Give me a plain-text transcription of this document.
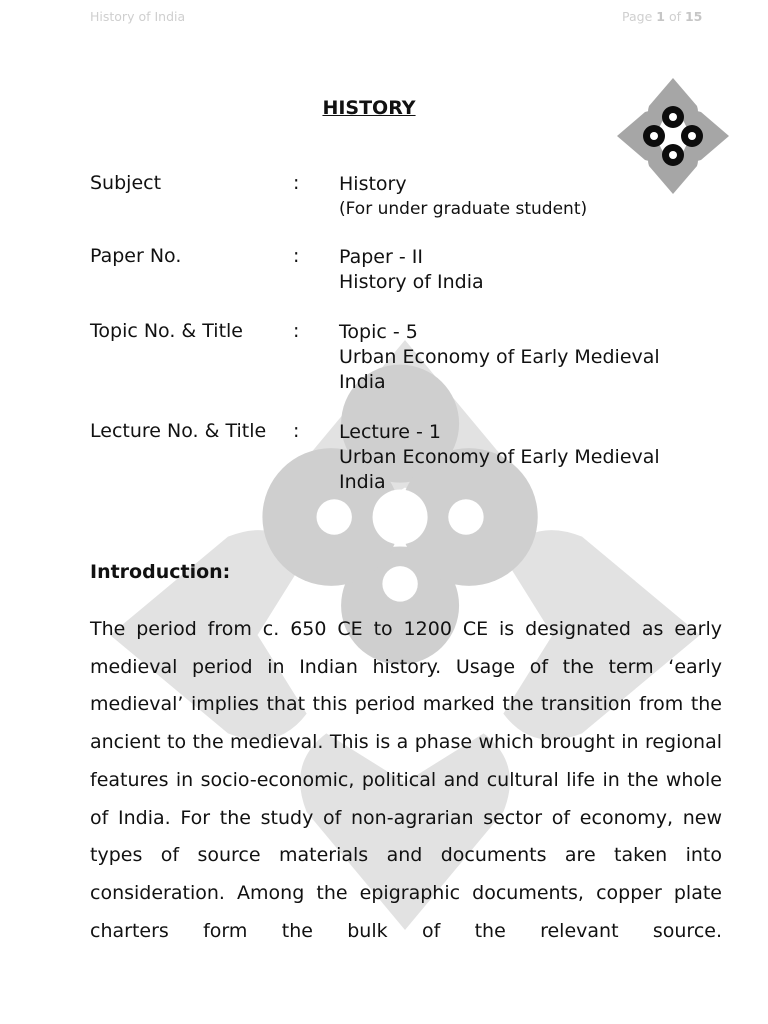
History of India	Page 1 of 15
HISTORY
Subject	: History
(For under graduate student)
Paper No.	: Paper - II
History of India
Topic No. & Title	: Topic - 5
Urban Economy of Early Medieval
India
Lecture No. & Title : Lecture - 1
Urban Economy of Early Medieval
India
Introduction:
The period from c. 650 CE to 1200 CE is designated as early medieval period in Indian history. Usage of the term ‘early medieval’ implies that this period marked the transition from the ancient to the medieval. This is a phase which brought in regional features in socio-economic, political and cultural life in the whole of India. For the study of non-agrarian sector of economy, new types of source materials and documents are taken into consideration. Among the epigraphic documents, copper plate charters form the bulk of the relevant source.
